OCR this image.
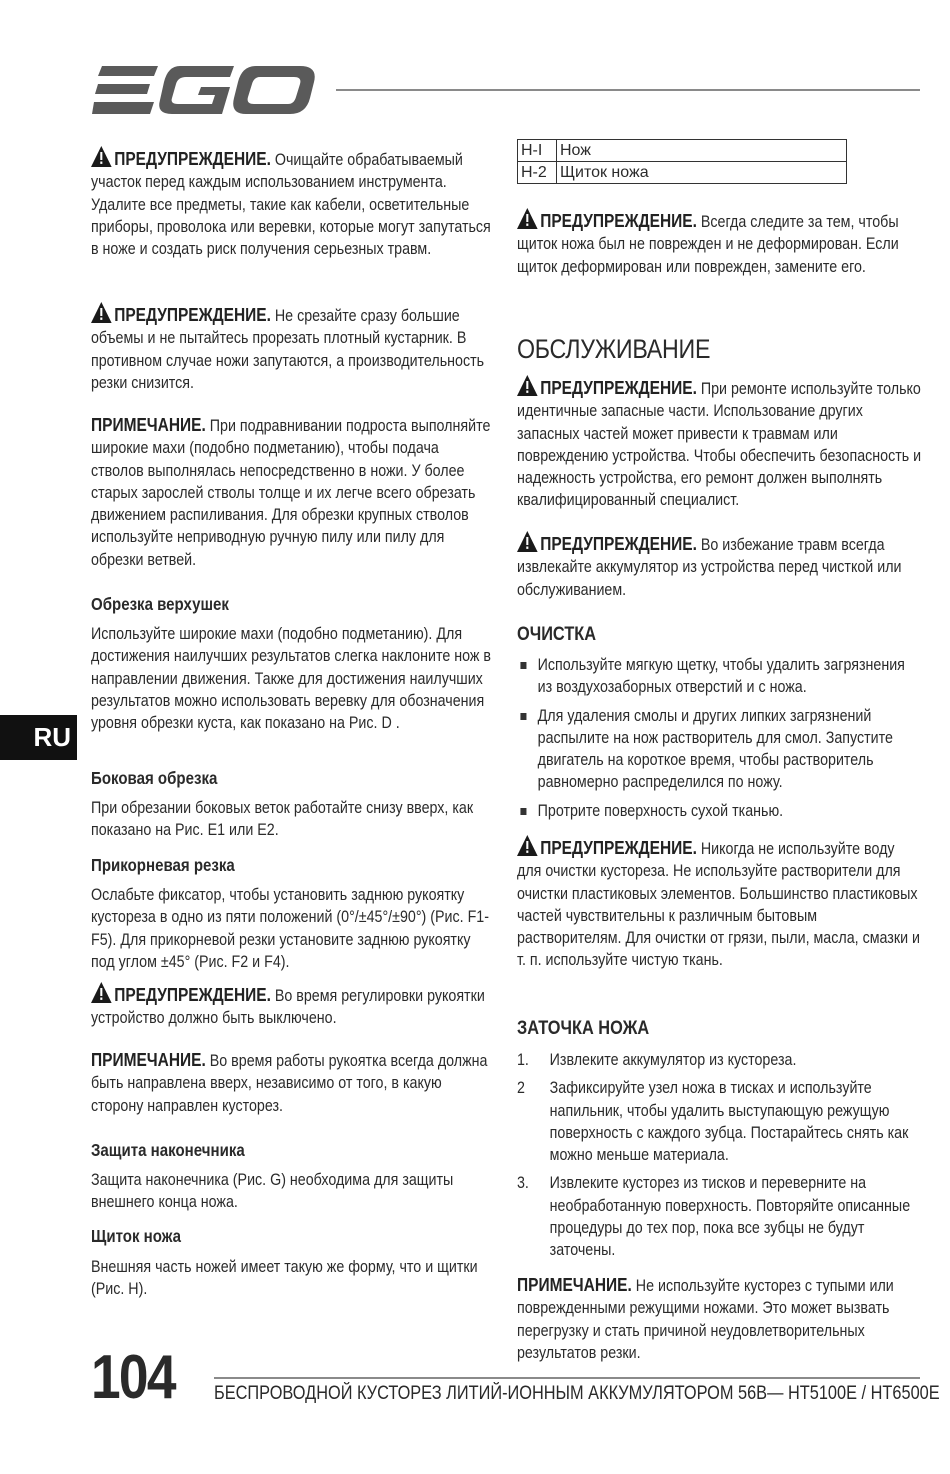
ПРЕДУПРЕЖДЕНИЕ. Очищайте обрабатываемый участок перед каждым использованием инструмента. Удалите все предметы, такие как кабели, осветительные приборы, проволока или веревки, которые могут запутаться в ноже и создать риск получения серьезных травм.
ПРЕДУПРЕЖДЕНИЕ. Не срезайте сразу большие объемы и не пытайтесь прорезать плотный кустарник. В противном случае ножи запутаются, а производительность резки снизится.
ПРИМЕЧАНИЕ. При подравнивании подроста выполняйте широкие махи (подобно подметанию), чтобы подача стволов выполнялась непосредственно в ножи. У более старых зарослей стволы толще и их легче всего обрезать движением распиливания. Для обрезки крупных стволов используйте неприводную ручную пилу или пилу для обрезки ветвей.
Обрезка верхушек
Используйте широкие махи (подобно подметанию). Для достижения наилучших результатов слегка наклоните нож в направлении движения. Также для достижения наилучших результатов можно использовать веревку для обозначения уровня обрезки куста, как показано на Рис. D .
Боковая обрезка
При обрезании боковых веток работайте снизу вверх, как показано на Рис. E1 или E2.
Прикорневая резка
Ослабьте фиксатор, чтобы установить заднюю рукоятку кустореза в одно из пяти положений (0°/±45°/±90°) (Рис. F1-F5). Для прикорневой резки установите заднюю рукоятку под углом ±45° (Рис. F2 и F4).
ПРЕДУПРЕЖДЕНИЕ. Во время регулировки рукоятки устройство должно быть выключено.
ПРИМЕЧАНИЕ. Во время работы рукоятка всегда должна быть направлена вверх, независимо от того, в какую сторону направлен кусторез.
Защита наконечника
Защита наконечника (Рис. G) необходима для защиты внешнего конца ножа.
Щиток ножа
Внешняя часть ножей имеет такую же форму, что и щитки (Рис. H).
H-I	Нож
H-2	Щиток ножа
ПРЕДУПРЕЖДЕНИЕ. Всегда следите за тем, чтобы щиток ножа был не поврежден и не деформирован. Если щиток деформирован или поврежден, замените его.
ОБСЛУЖИВАНИЕ
ПРЕДУПРЕЖДЕНИЕ. При ремонте используйте только идентичные запасные части. Использование других запасных частей может привести к травмам или повреждению устройства. Чтобы обеспечить безопасность и надежность устройства, его ремонт должен выполнять квалифицированный специалист.
ПРЕДУПРЕЖДЕНИЕ. Во избежание травм всегда извлекайте аккумулятор из устройства перед чисткой или обслуживанием.
ОЧИСТКА
Используйте мягкую щетку, чтобы удалить загрязнения из воздухозаборных отверстий и с ножа.
Для удаления смолы и других липких загрязнений распылите на нож растворитель для смол. Запустите двигатель на короткое время, чтобы растворитель равномерно распределился по ножу.
Протрите поверхность сухой тканью.
ПРЕДУПРЕЖДЕНИЕ. Никогда не используйте воду для очистки кустореза. Не используйте растворители для очистки пластиковых элементов. Большинство пластиковых частей чувствительны к различным бытовым растворителям. Для очистки от грязи, пыли, масла, смазки и т. п. используйте чистую ткань.
ЗАТОЧКА НОЖА
1. Извлеките аккумулятор из кустореза.
2 Зафиксируйте узел ножа в тисках и используйте напильник, чтобы удалить выступающую режущую поверхность с каждого зубца. Постарайтесь снять как можно меньше материала.
3. Извлеките кусторез из тисков и переверните на необработанную поверхность. Повторяйте описанные процедуры до тех пор, пока все зубцы не будут заточены.
ПРИМЕЧАНИЕ. Не используйте кусторез с тупыми или поврежденными режущими ножами. Это может вызвать перегрузку и стать причиной неудовлетворительных результатов резки.
RU
104 БЕСПРОВОДНОЙ КУСТОРЕЗ ЛИТИЙ-ИОННЫМ АККУМУЛЯТОРОМ 56В— HT5100E / HT6500E
